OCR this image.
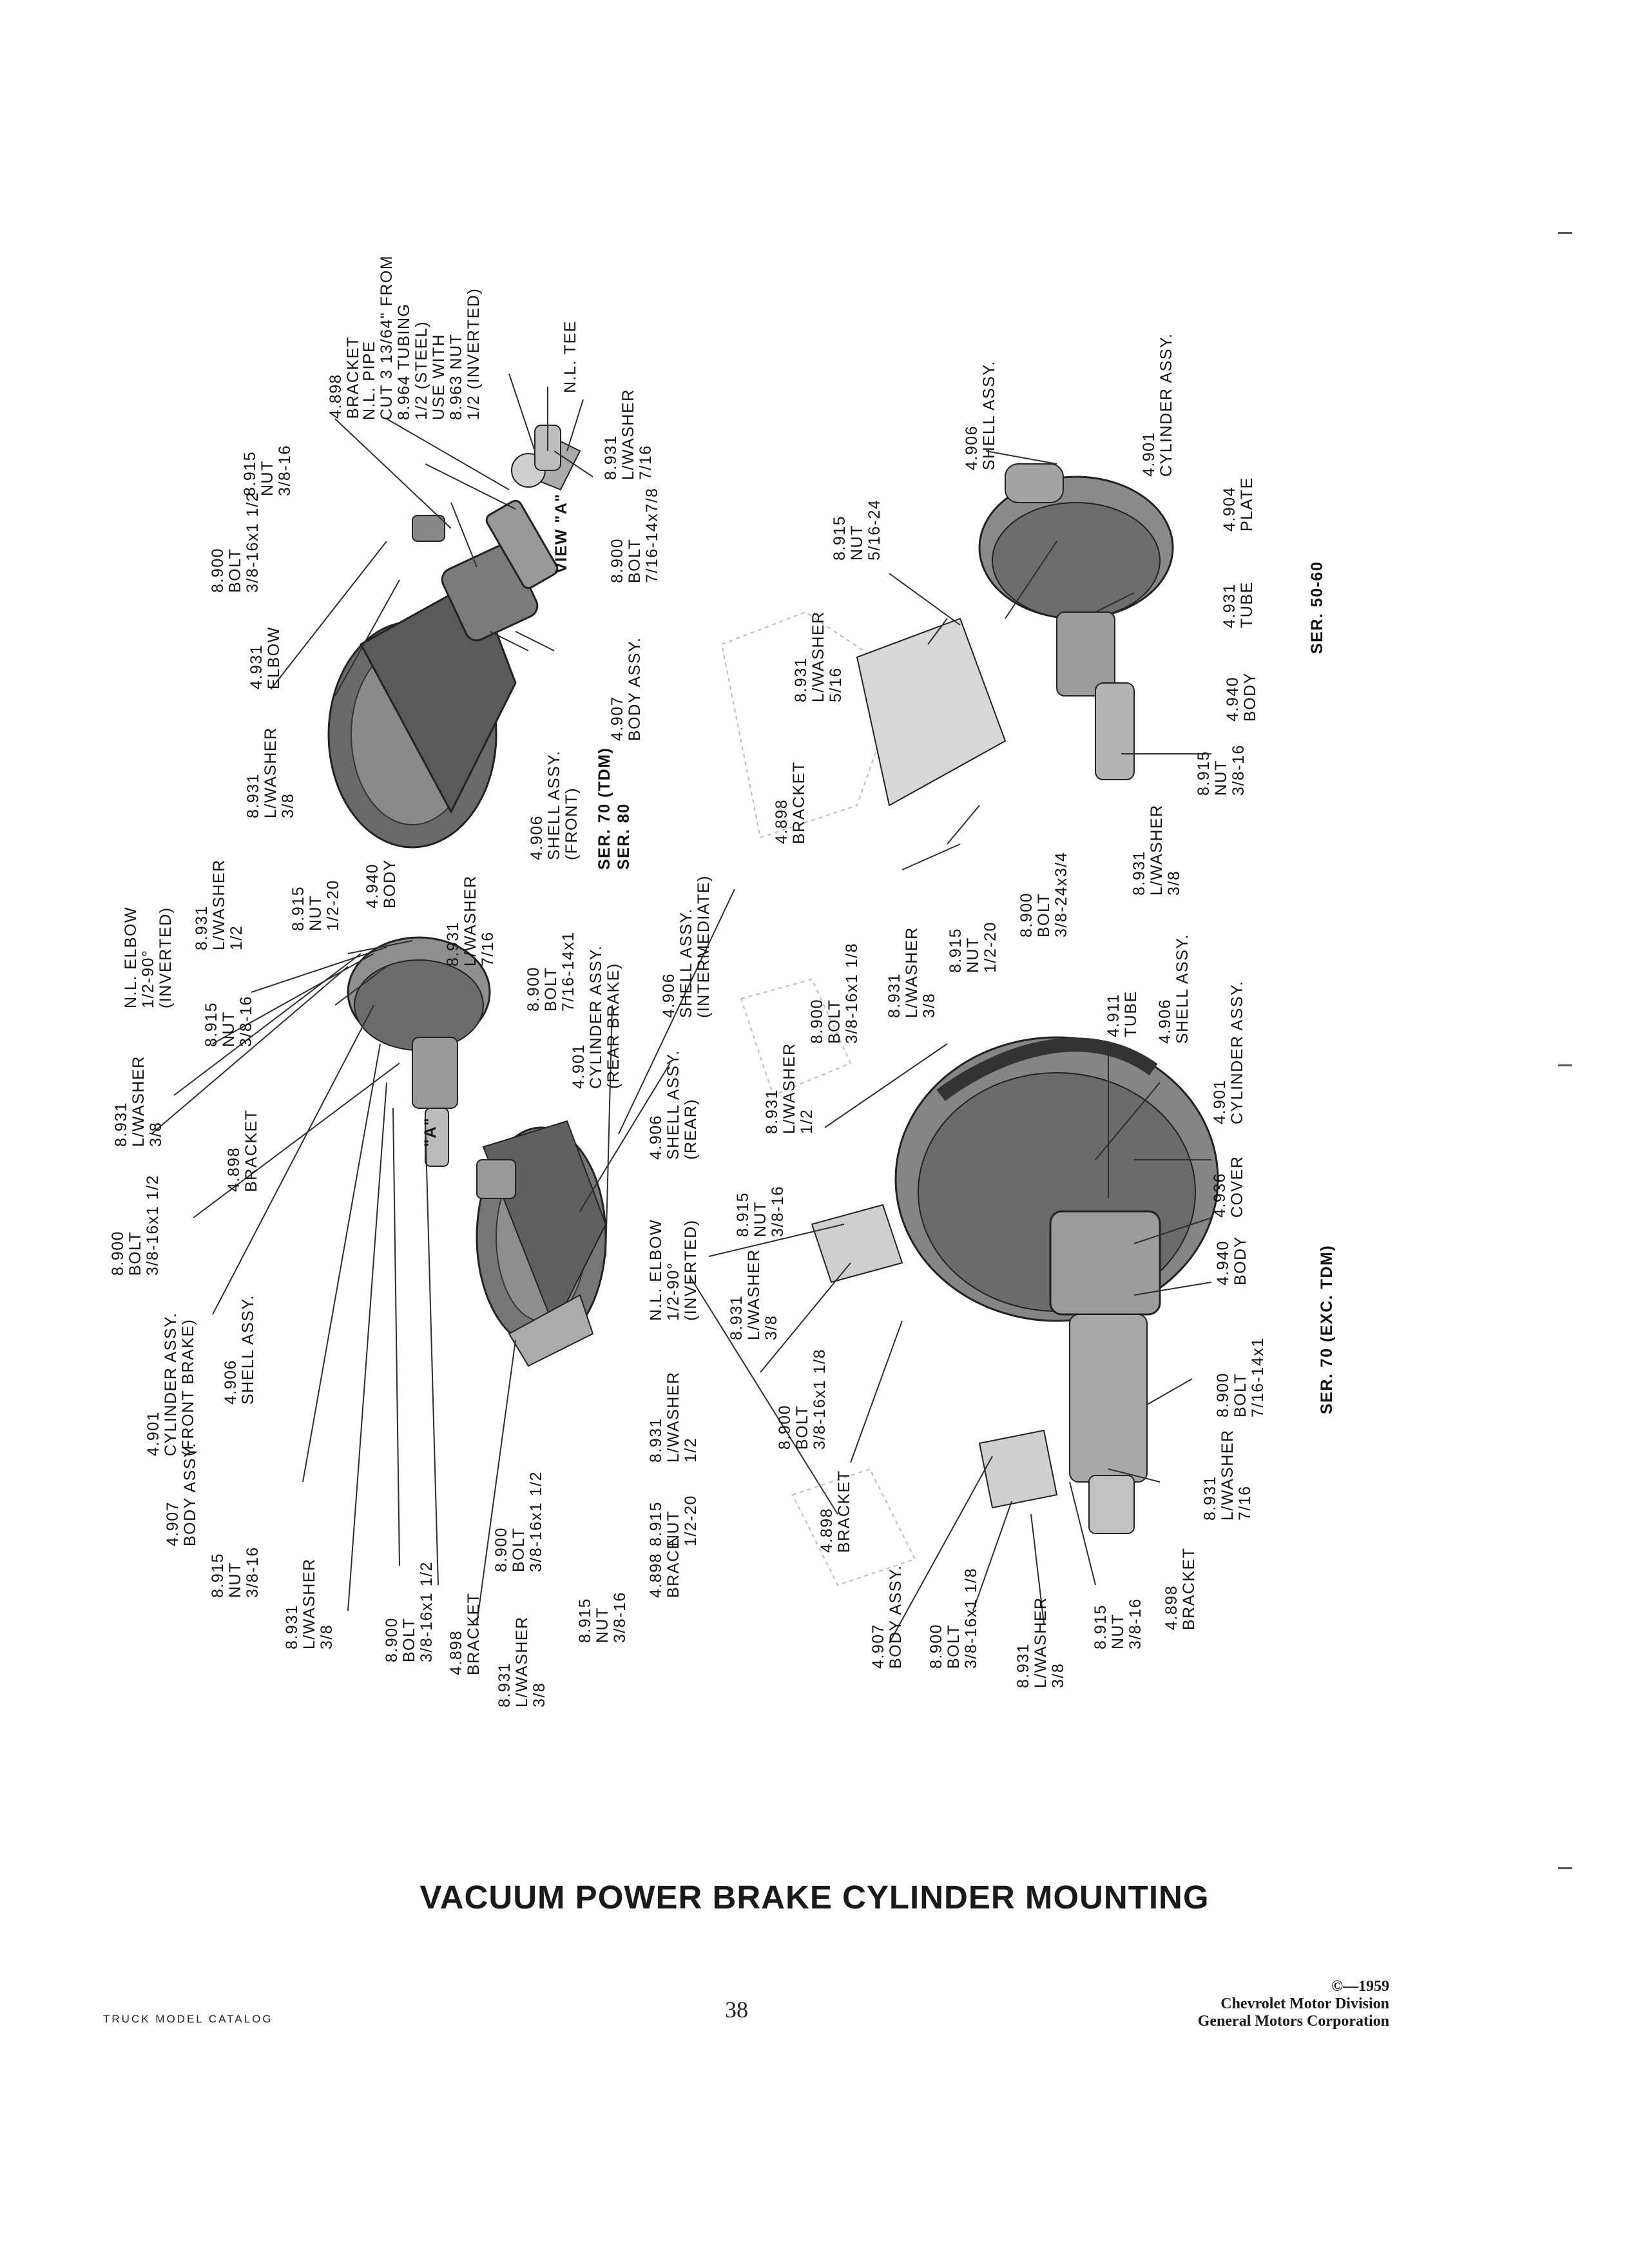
4.898 BRACKET
N.L. PIPE CUT 3 13/64" FROM 8.964 TUBING 1/2 (STEEL) USE WITH 8.963 NUT 1/2 (INVERTED)
8.915 NUT 3/8-16
8.900 BOLT 3/8-16x1 1/2
4.931 ELBOW
8.931 L/WASHER 3/8
N.L. TEE
VIEW "A"
8.931 L/WASHER 7/16
8.900 BOLT 7/16-14x7/8
4.907 BODY ASSY.
4.906 SHELL ASSY. (FRONT) SER. 70 (TDM) SER. 80
N.L. ELBOW 1/2-90° (INVERTED) 8.931 L/WASHER 1/2
8.915 NUT 1/2-20 4.940 BODY
8.931 L/WASHER 7/16
8.900 BOLT 7/16-14x1
8.931 L/WASHER 3/8
8.915 NUT 3/8-16
4.898 BRACKET
8.900 BOLT 3/8-16x1 1/2
4.901 CYLINDER ASSY. (FRONT BRAKE) 4.906 SHELL ASSY.
"A"
4.901 CYLINDER ASSY. (REAR BRAKE)
4.906 SHELL ASSY. (REAR)
4.906 SHELL ASSY. (INTERMEDIATE)
N.L. ELBOW 1/2-90° (INVERTED)
8.931 L/WASHER 1/2
8.915 NUT 1/2-20
4.898 BRACE
8.900 BOLT 3/8-16x1 1/2
8.915 NUT 3/8-16
8.931 L/WASHER 3/8
4.898 BRACKET
8.900 BOLT 3/8-16x1 1/2
8.931 L/WASHER 3/8
8.915 NUT 3/8-16
4.907 BODY ASSY.
8.915 NUT 5/16-24
8.931 L/WASHER 5/16
4.898 BRACKET
4.906 SHELL ASSY.	4.901 CYLINDER ASSY.
4.904 PLATE
4.931 TUBE	SER. 50-60
4.940 BODY
8.915 NUT 3/8-16
8.931 L/WASHER 3/8
8.900 BOLT 3/8-24x3/4
8.915 NUT 1/2-20
8.900 BOLT 3/8-16x1 1/8 8.931 L/WASHER 3/8	4.911 TUBE 4.906 SHELL ASSY.
4.901 CYLINDER ASSY.
4.936 COVER
4.940 BODY	SER. 70 (EXC. TDM)
8.900 BOLT 7/16-14x1
8.931 L/WASHER 7/16
4.898 BRACKET
8.915 NUT 3/8-16
8.931 L/WASHER 3/8
8.900 BOLT 3/8-16x1 1/8
4.907 BODY ASSY.
4.898 BRACKET
8.900 BOLT 3/8-16x1 1/8
8.931 L/WASHER 3/8
8.915 NUT 3/8-16
8.931 L/WASHER 1/2
VACUUM POWER BRAKE CYLINDER MOUNTING
TRUCK MODEL CATALOG	38
©—1959
Chevrolet Motor Division
General Motors Corporation
